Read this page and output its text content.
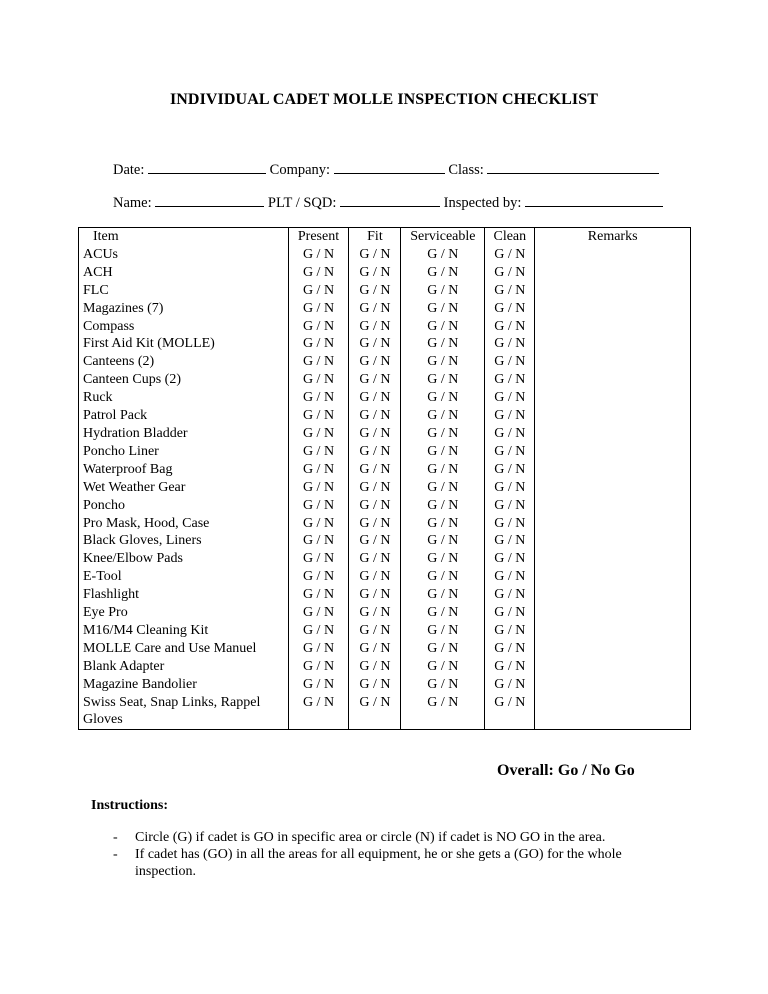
INDIVIDUAL CADET MOLLE INSPECTION CHECKLIST
Date:	Company:	Class:
Name:	PLT / SQD:	Inspected by:
Item	Present	Fit	Serviceable	Clean	Remarks
ACUs	G / N	G / N	G / N	G / N	
ACH	G / N	G / N	G / N	G / N	
FLC	G / N	G / N	G / N	G / N	
Magazines (7)	G / N	G / N	G / N	G / N	
Compass	G / N	G / N	G / N	G / N	
First Aid Kit (MOLLE)	G / N	G / N	G / N	G / N	
Canteens (2)	G / N	G / N	G / N	G / N	
Canteen Cups (2)	G / N	G / N	G / N	G / N	
Ruck	G / N	G / N	G / N	G / N	
Patrol Pack	G / N	G / N	G / N	G / N	
Hydration Bladder	G / N	G / N	G / N	G / N	
Poncho Liner	G / N	G / N	G / N	G / N	
Waterproof Bag	G / N	G / N	G / N	G / N	
Wet Weather Gear	G / N	G / N	G / N	G / N	
Poncho	G / N	G / N	G / N	G / N	
Pro Mask, Hood, Case	G / N	G / N	G / N	G / N	
Black Gloves, Liners	G / N	G / N	G / N	G / N	
Knee/Elbow Pads	G / N	G / N	G / N	G / N	
E-Tool	G / N	G / N	G / N	G / N	
Flashlight	G / N	G / N	G / N	G / N	
Eye Pro	G / N	G / N	G / N	G / N	
M16/M4 Cleaning Kit	G / N	G / N	G / N	G / N	
MOLLE Care and Use Manuel	G / N	G / N	G / N	G / N	
Blank Adapter	G / N	G / N	G / N	G / N	
Magazine Bandolier	G / N	G / N	G / N	G / N	
Swiss Seat, Snap Links, Rappel Gloves	G / N	G / N	G / N	G / N	
Overall: Go / No Go
Instructions:
- Circle (G) if cadet is GO in specific area or circle (N) if cadet is NO GO in the area.
- If cadet has (GO) in all the areas for all equipment, he or she gets a (GO) for the whole inspection.
